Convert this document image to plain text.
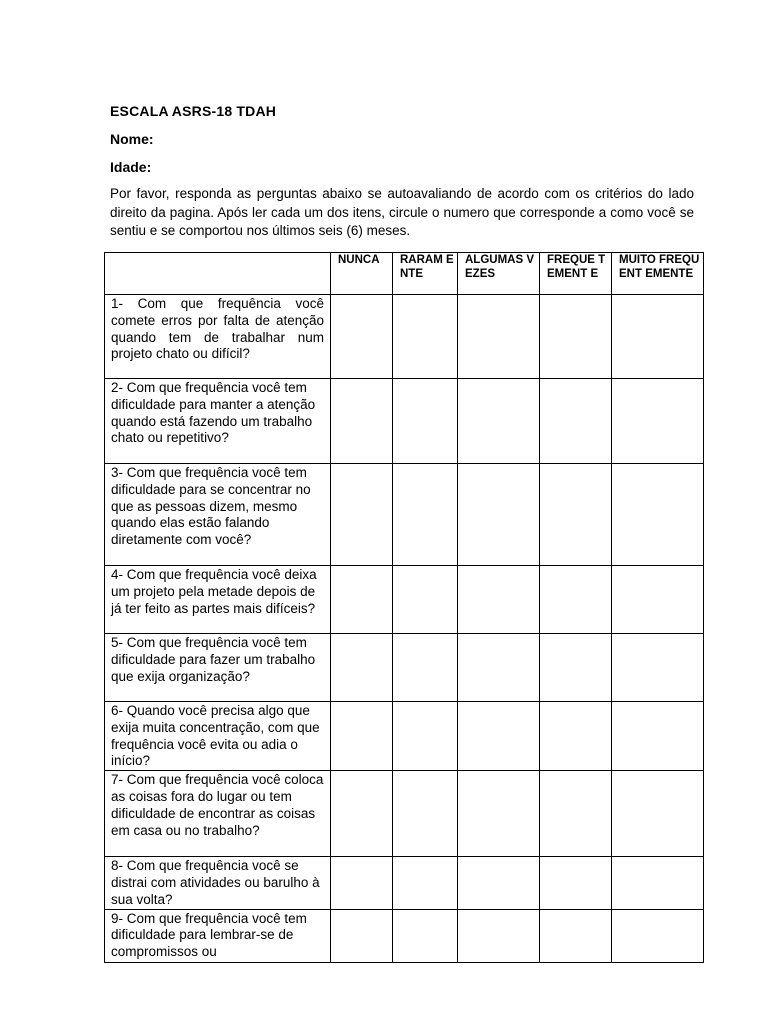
ESCALA ASRS-18 TDAH
Nome:
Idade:
Por favor, responda as perguntas abaixo se autoavaliando de acordo com os critérios do lado direito da pagina. Após ler cada um dos itens, circule o numero que corresponde a como você se sentiu e se comportou nos últimos seis (6) meses.
	NUNCA	RARAM ENTE	ALGUMAS VEZES	FREQUE TEMENT E	MUITO FREQUENT EMENTE

1- Com que frequência você comete erros por falta de atenção quando tem de trabalhar num projeto chato ou difícil?					

2- Com que frequência você tem dificuldade para manter a atenção quando está fazendo um trabalho chato ou repetitivo?					

3- Com que frequência você tem dificuldade para se concentrar no que as pessoas dizem, mesmo quando elas estão falando diretamente com você?					

4- Com que frequência você deixa um projeto pela metade depois de já ter feito as partes mais difíceis?					

5- Com que frequência você tem dificuldade para fazer um trabalho que exija organização?					

6- Quando você precisa algo que exija muita concentração, com que frequência você evita ou adia o início?					

7- Com que frequência você coloca as coisas fora do lugar ou tem dificuldade de encontrar as coisas em casa ou no trabalho?					

8- Com que frequência você se distrai com atividades ou barulho à sua volta?					

9- Com que frequência você tem dificuldade para lembrar-se de compromissos ou					
